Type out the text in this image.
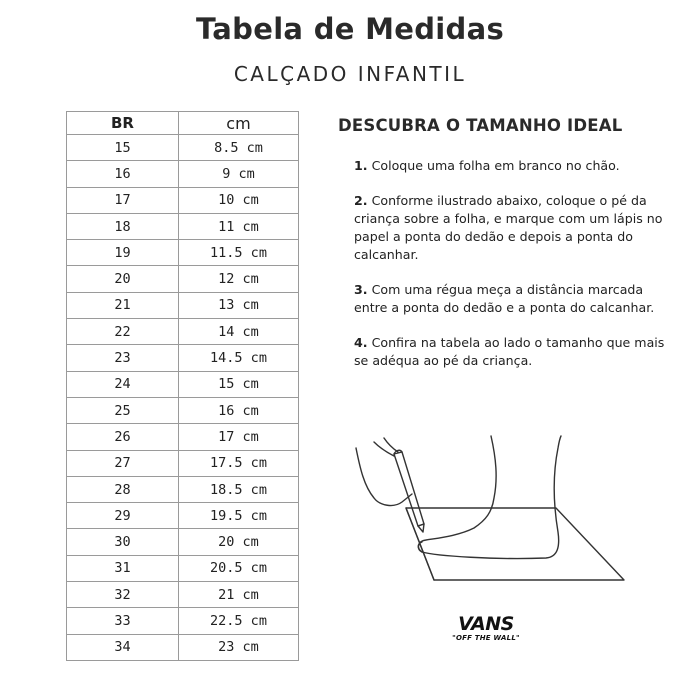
Tabela de Medidas
CALÇADO INFANTIL
BR	cm
15	8.5 cm
16	9 cm
17	10 cm
18	11 cm
19	11.5 cm
20	12 cm
21	13 cm
22	14 cm
23	14.5 cm
24	15 cm
25	16 cm
26	17 cm
27	17.5 cm
28	18.5 cm
29	19.5 cm
30	20 cm
31	20.5 cm
32	21 cm
33	22.5 cm
34	23 cm
DESCUBRA O TAMANHO IDEAL
1. Coloque uma folha em branco no chão.
2. Conforme ilustrado abaixo, coloque o pé da criança sobre a folha, e marque com um lápis no papel a ponta do dedão e depois a ponta do calcanhar.
3. Com uma régua meça a distância marcada entre a ponta do dedão e a ponta do calcanhar.
4. Confira na tabela ao lado o tamanho que mais se adéqua ao pé da criança.
VANS
"OFF THE WALL"
